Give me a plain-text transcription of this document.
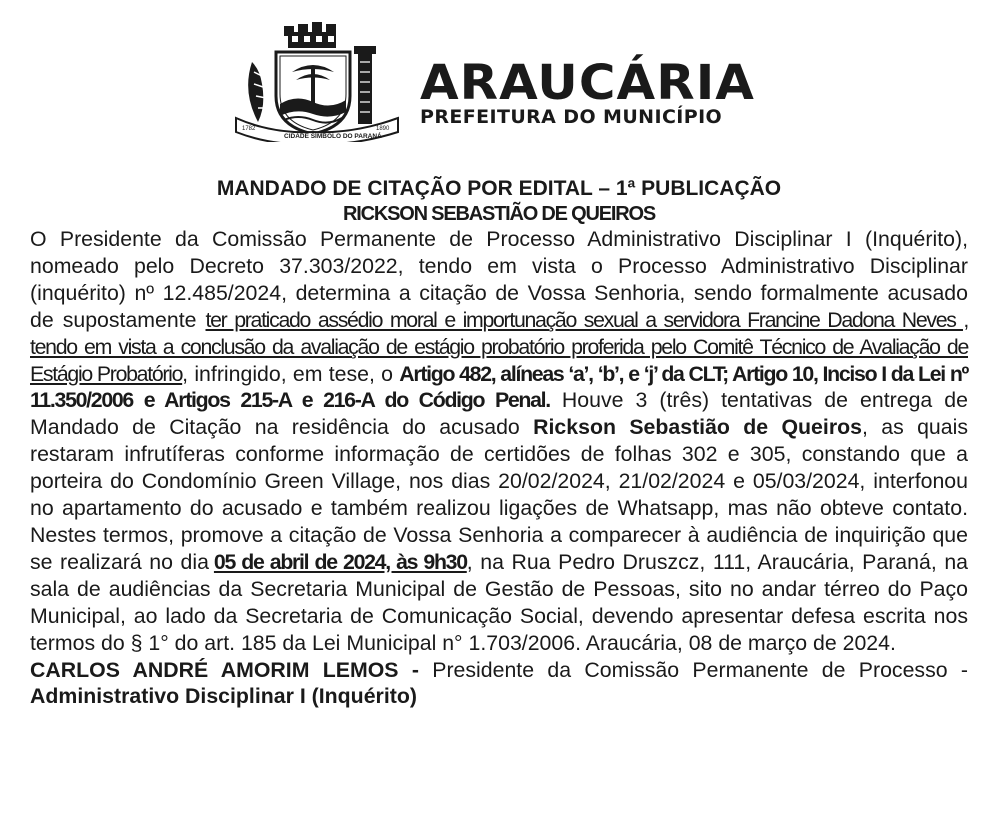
1782
CIDADE SÍMBOLO DO PARANÁ
1890
ARAUCÁRIA
PREFEITURA DO MUNICÍPIO

MANDADO DE CITAÇÃO POR EDITAL – 1ª PUBLICAÇÃO

RICKSON SEBASTIÃO DE QUEIROS

O Presidente da Comissão Permanente de Processo Administrativo Disciplinar I (Inquérito), nomeado pelo Decreto 37.303/2022, tendo em vista o Processo Administrativo Disciplinar (inquérito) nº 12.485/2024, determina a citação de Vossa Senhoria, sendo formalmente acusado de supostamente ter praticado assédio moral e importunação sexual a servidora Francine Dadona Neves , tendo em vista a conclusão da avaliação de estágio probatório proferida pelo Comitê Técnico de Avaliação de Estágio Probatório, infringido, em tese, o Artigo 482, alíneas ‘a’, ‘b’, e ‘j’ da CLT; Artigo 10, Inciso I da Lei nº 11.350/2006 e Artigos 215-A e 216-A do Código Penal. Houve 3 (três) tentativas de entrega de Mandado de Citação na residência do acusado Rickson Sebastião de Queiros, as quais restaram infrutíferas conforme informação de certidões de folhas 302 e 305, constando que a porteira do Condomínio Green Village, nos dias 20/02/2024, 21/02/2024 e 05/03/2024, interfonou no apartamento do acusado e também realizou ligações de Whatsapp, mas não obteve contato. Nestes termos, promove a citação de Vossa Senhoria a comparecer à audiência de inquirição que se realizará no dia 05 de abril de 2024, às 9h30, na Rua Pedro Druszcz, 111, Araucária, Paraná, na sala de audiências da Secretaria Municipal de Gestão de Pessoas, sito no andar térreo do Paço Municipal, ao lado da Secretaria de Comunicação Social, devendo apresentar defesa escrita nos termos do § 1° do art. 185 da Lei Municipal n° 1.703/2006. Araucária, 08 de março de 2024.

CARLOS ANDRÉ AMORIM LEMOS - Presidente da Comissão Permanente de Processo - Administrativo Disciplinar I (Inquérito)
